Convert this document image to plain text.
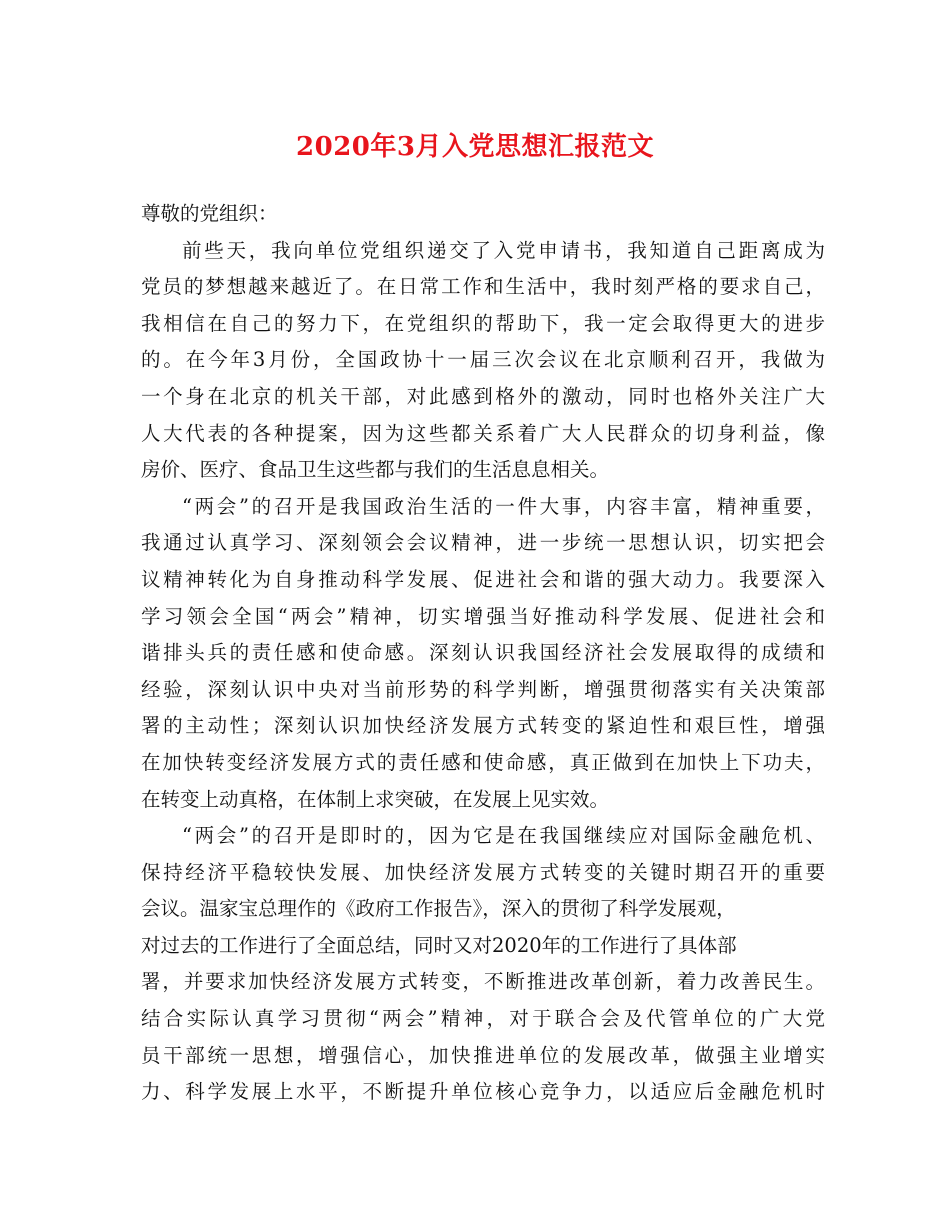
2020年3月入党思想汇报范文
尊敬的党组织：
前些天，我向单位党组织递交了入党申请书，我知道自己距离成为
党员的梦想越来越近了。在日常工作和生活中，我时刻严格的要求自己，
我相信在自己的努力下，在党组织的帮助下，我一定会取得更大的进步
的。在今年3月份，全国政协十一届三次会议在北京顺利召开，我做为
一个身在北京的机关干部，对此感到格外的激动，同时也格外关注广大
人大代表的各种提案，因为这些都关系着广大人民群众的切身利益，像
房价、医疗、食品卫生这些都与我们的生活息息相关。
“两会”的召开是我国政治生活的一件大事，内容丰富，精神重要，
我通过认真学习、深刻领会会议精神，进一步统一思想认识，切实把会
议精神转化为自身推动科学发展、促进社会和谐的强大动力。我要深入
学习领会全国“两会”精神，切实增强当好推动科学发展、促进社会和
谐排头兵的责任感和使命感。深刻认识我国经济社会发展取得的成绩和
经验，深刻认识中央对当前形势的科学判断，增强贯彻落实有关决策部
署的主动性；深刻认识加快经济发展方式转变的紧迫性和艰巨性，增强
在加快转变经济发展方式的责任感和使命感，真正做到在加快上下功夫，
在转变上动真格，在体制上求突破，在发展上见实效。
“两会”的召开是即时的，因为它是在我国继续应对国际金融危机、
保持经济平稳较快发展、加快经济发展方式转变的关键时期召开的重要
会议。温家宝总理作的《政府工作报告》，深入的贯彻了科学发展观，
对过去的工作进行了全面总结，同时又对2020年的工作进行了具体部
署，并要求加快经济发展方式转变，不断推进改革创新，着力改善民生。
结合实际认真学习贯彻“两会”精神，对于联合会及代管单位的广大党
员干部统一思想，增强信心，加快推进单位的发展改革，做强主业增实
力、科学发展上水平，不断提升单位核心竞争力，以适应后金融危机时
